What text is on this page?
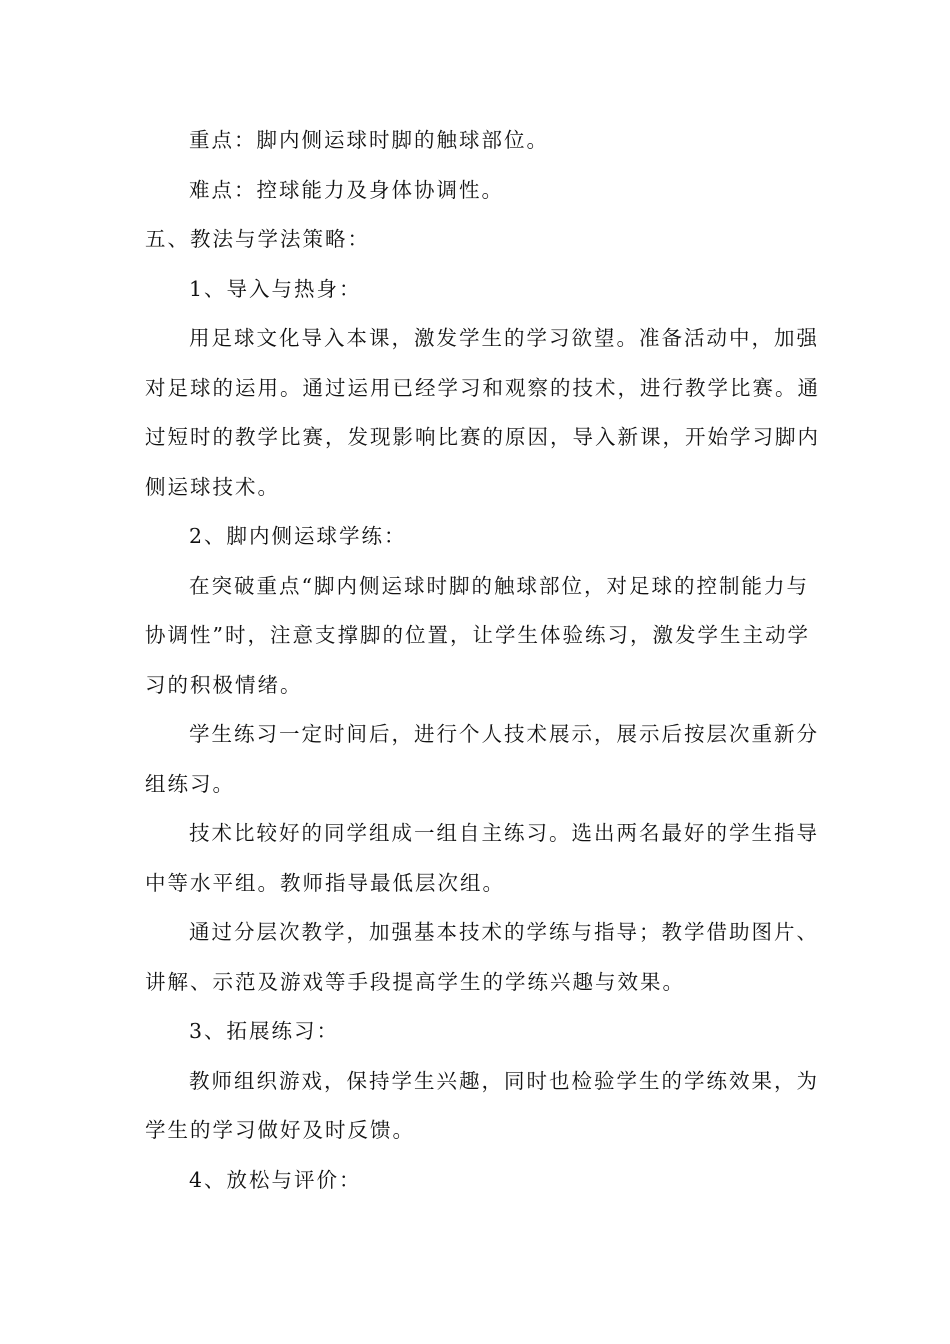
重点：脚内侧运球时脚的触球部位。

难点：控球能力及身体协调性。

五、教法与学法策略：

1、导入与热身：

用足球文化导入本课，激发学生的学习欲望。准备活动中，加强

对足球的运用。通过运用已经学习和观察的技术，进行教学比赛。通

过短时的教学比赛，发现影响比赛的原因，导入新课，开始学习脚内

侧运球技术。

2、脚内侧运球学练：

在突破重点“脚内侧运球时脚的触球部位，对足球的控制能力与

协调性”时，注意支撑脚的位置，让学生体验练习，激发学生主动学

习的积极情绪。

学生练习一定时间后，进行个人技术展示，展示后按层次重新分

组练习。

技术比较好的同学组成一组自主练习。选出两名最好的学生指导

中等水平组。教师指导最低层次组。

通过分层次教学，加强基本技术的学练与指导；教学借助图片、

讲解、示范及游戏等手段提高学生的学练兴趣与效果。

3、拓展练习：

教师组织游戏，保持学生兴趣，同时也检验学生的学练效果，为

学生的学习做好及时反馈。

4、放松与评价：
